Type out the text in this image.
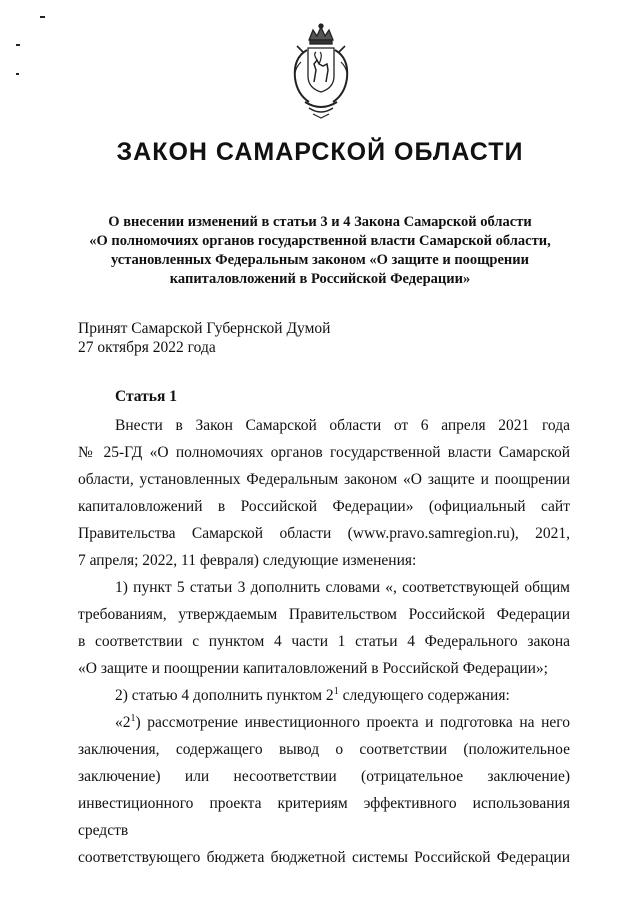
ЗАКОН САМАРСКОЙ ОБЛАСТИ
О внесении изменений в статьи 3 и 4 Закона Самарской области
«О полномочиях органов государственной власти Самарской области,
установленных Федеральным законом «О защите и поощрении
капиталовложений в Российской Федерации»
Принят Самарской Губернской Думой
27 октября 2022 года
Статья 1
Внести в Закон Самарской области от 6 апреля 2021 года
№ 25-ГД «О полномочиях органов государственной власти Самарской
области, установленных Федеральным законом «О защите и поощрении
капиталовложений в Российской Федерации» (официальный сайт
Правительства Самарской области (www.pravo.samregion.ru), 2021,
7 апреля; 2022, 11 февраля) следующие изменения:
1) пункт 5 статьи 3 дополнить словами «, соответствующей общим
требованиям, утверждаемым Правительством Российской Федерации
в соответствии с пунктом 4 части 1 статьи 4 Федерального закона
«О защите и поощрении капиталовложений в Российской Федерации»;
2) статью 4 дополнить пунктом $2^1$ следующего содержания:
«$2^1$) рассмотрение инвестиционного проекта и подготовка на него
заключения, содержащего вывод о соответствии (положительное
заключение) или несоответствии (отрицательное заключение)
инвестиционного проекта критериям эффективного использования средств
соответствующего бюджета бюджетной системы Российской Федерации
